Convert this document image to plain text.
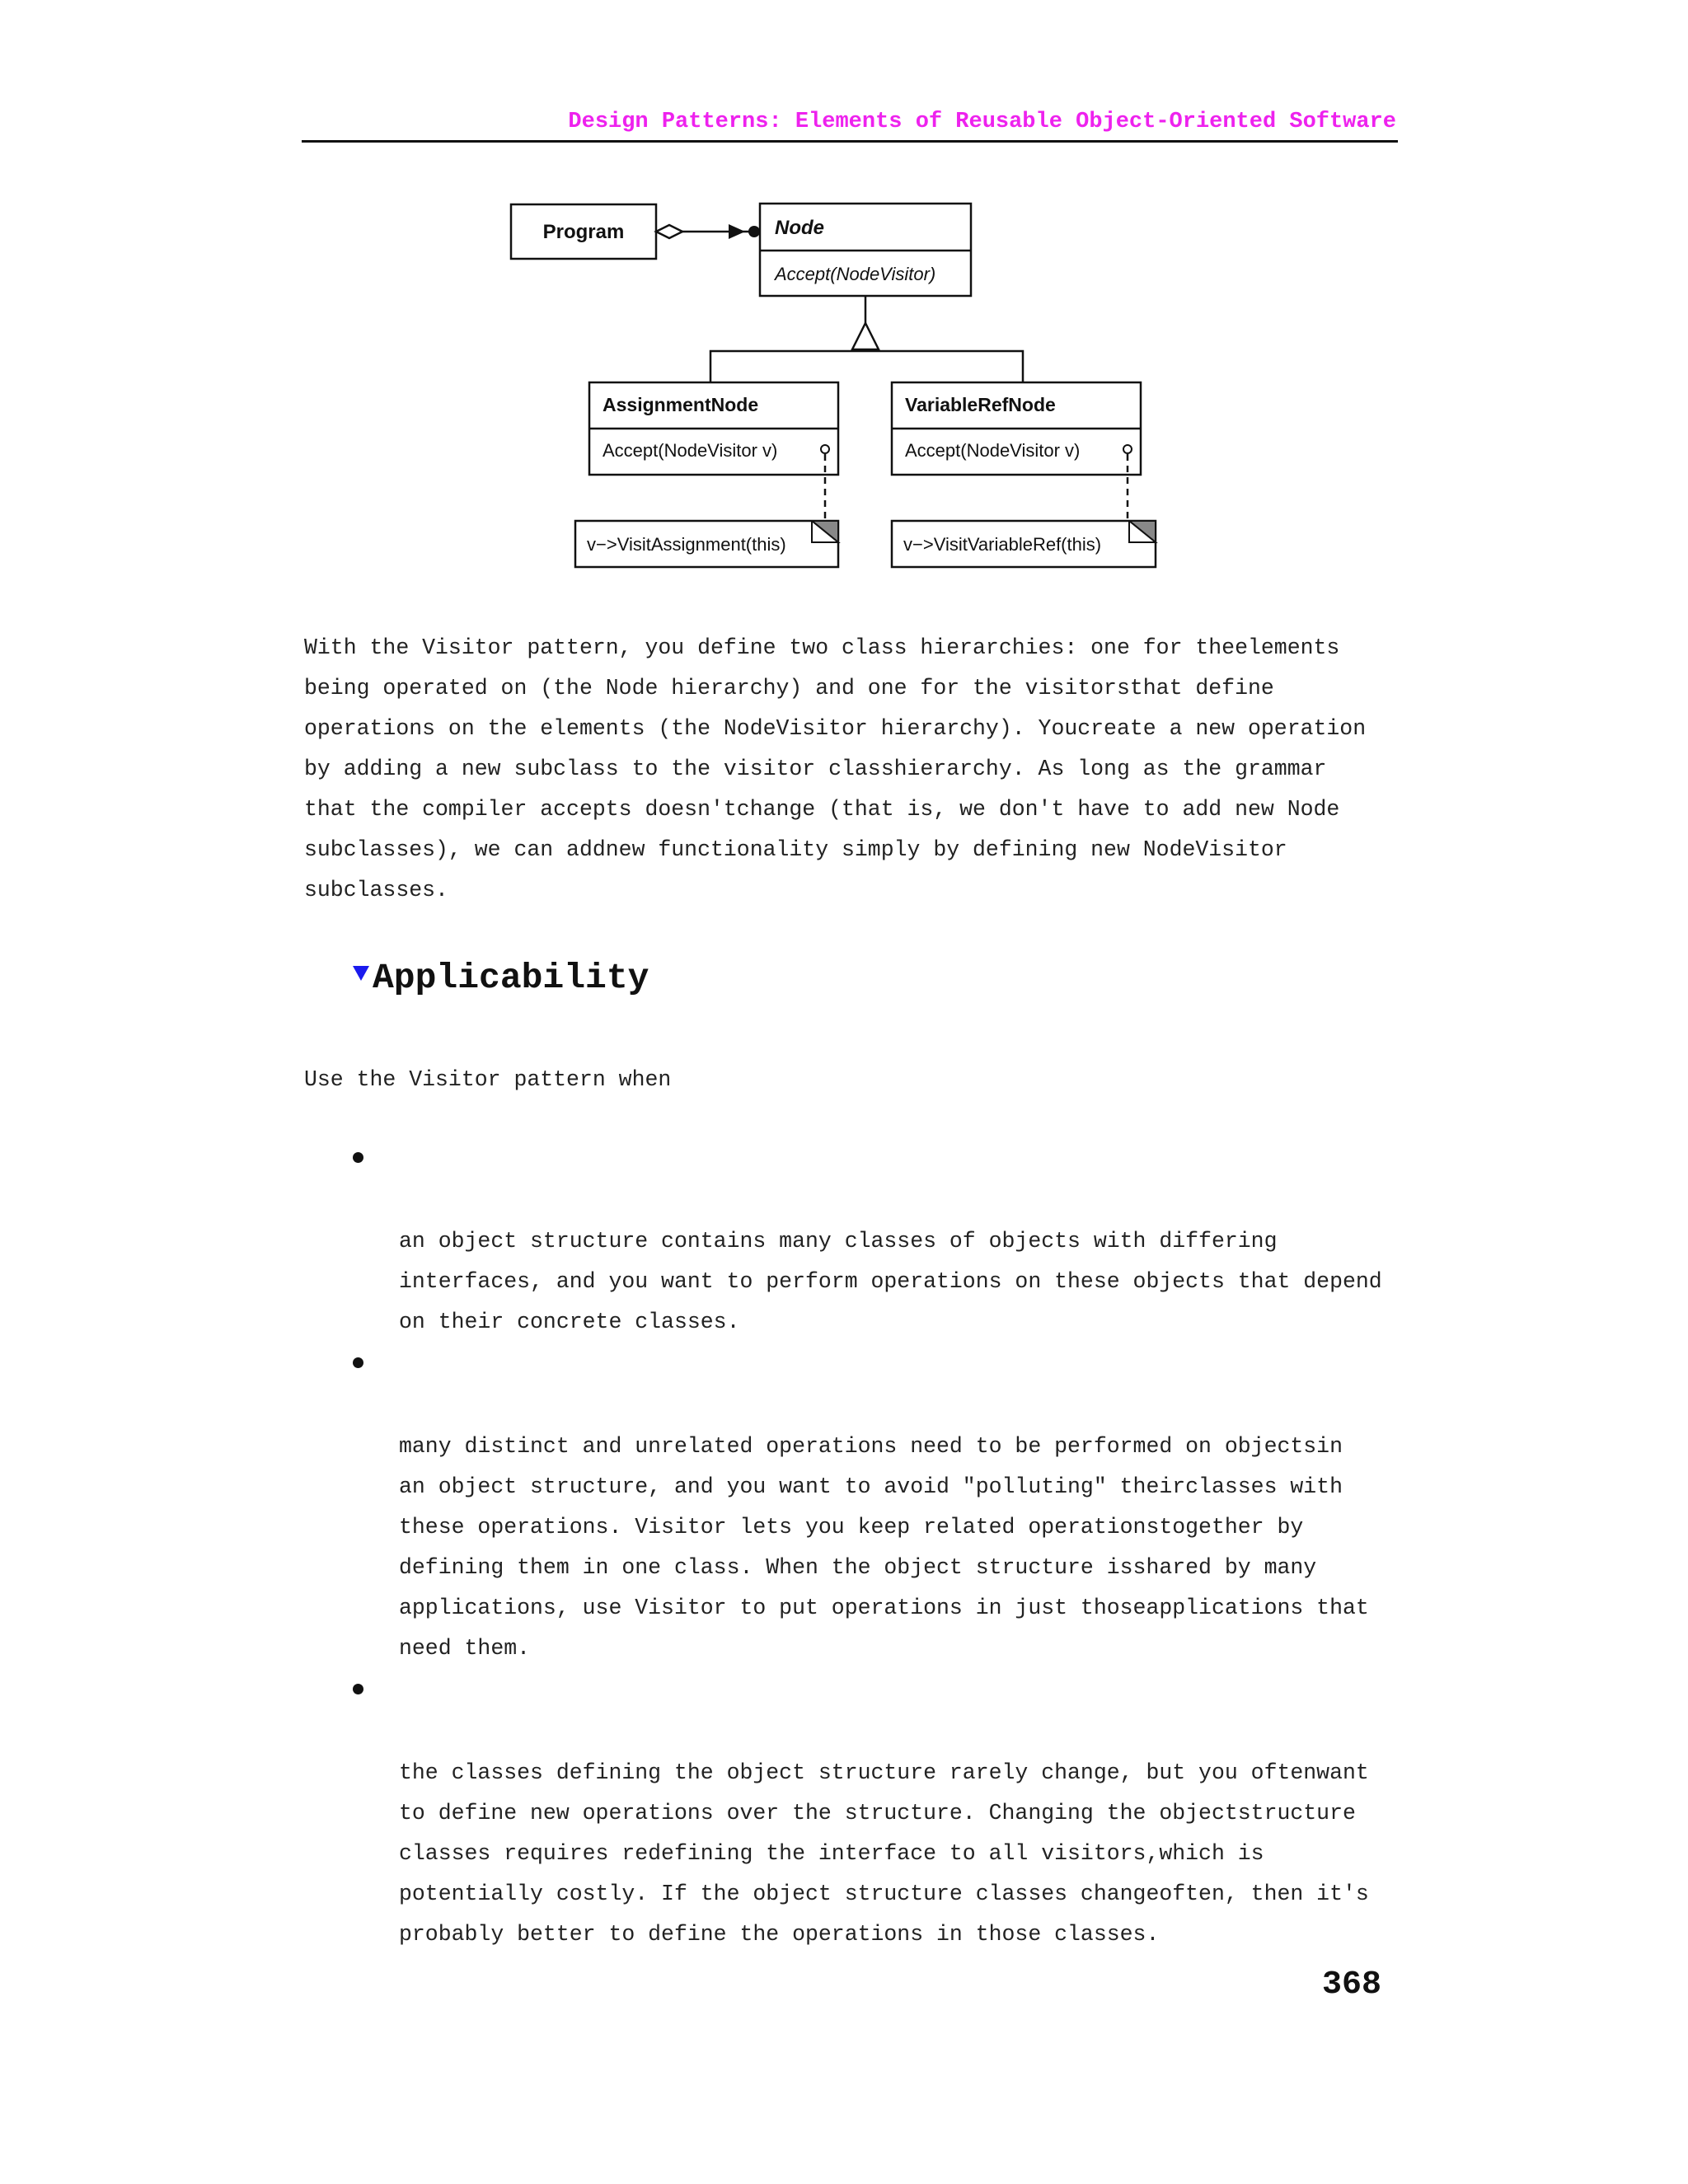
Design Patterns: Elements of Reusable Object-Oriented Software
Program	Node
Accept(NodeVisitor)
AssignmentNode
Accept(NodeVisitor v)
v−>VisitAssignment(this)
VariableRefNode
Accept(NodeVisitor v)
v−>VisitVariableRef(this)

With the Visitor pattern, you define two class hierarchies: one for theelements
being operated on (the Node hierarchy) and one for the visitorsthat define
operations on the elements (the NodeVisitor hierarchy). Youcreate a new operation
by adding a new subclass to the visitor classhierarchy. As long as the grammar
that the compiler accepts doesn'tchange (that is, we don't have to add new Node
subclasses), we can addnew functionality simply by defining new NodeVisitor
subclasses.

Applicability

Use the Visitor pattern when

an object structure contains many classes of objects with differing
interfaces, and you want to perform operations on these objects that depend
on their concrete classes.

many distinct and unrelated operations need to be performed on objectsin
an object structure, and you want to avoid "polluting" theirclasses with
these operations. Visitor lets you keep related operationstogether by
defining them in one class. When the object structure isshared by many
applications, use Visitor to put operations in just thoseapplications that
need them.

the classes defining the object structure rarely change, but you oftenwant
to define new operations over the structure. Changing the objectstructure
classes requires redefining the interface to all visitors,which is
potentially costly. If the object structure classes changeoften, then it's
probably better to define the operations in those classes.

368
